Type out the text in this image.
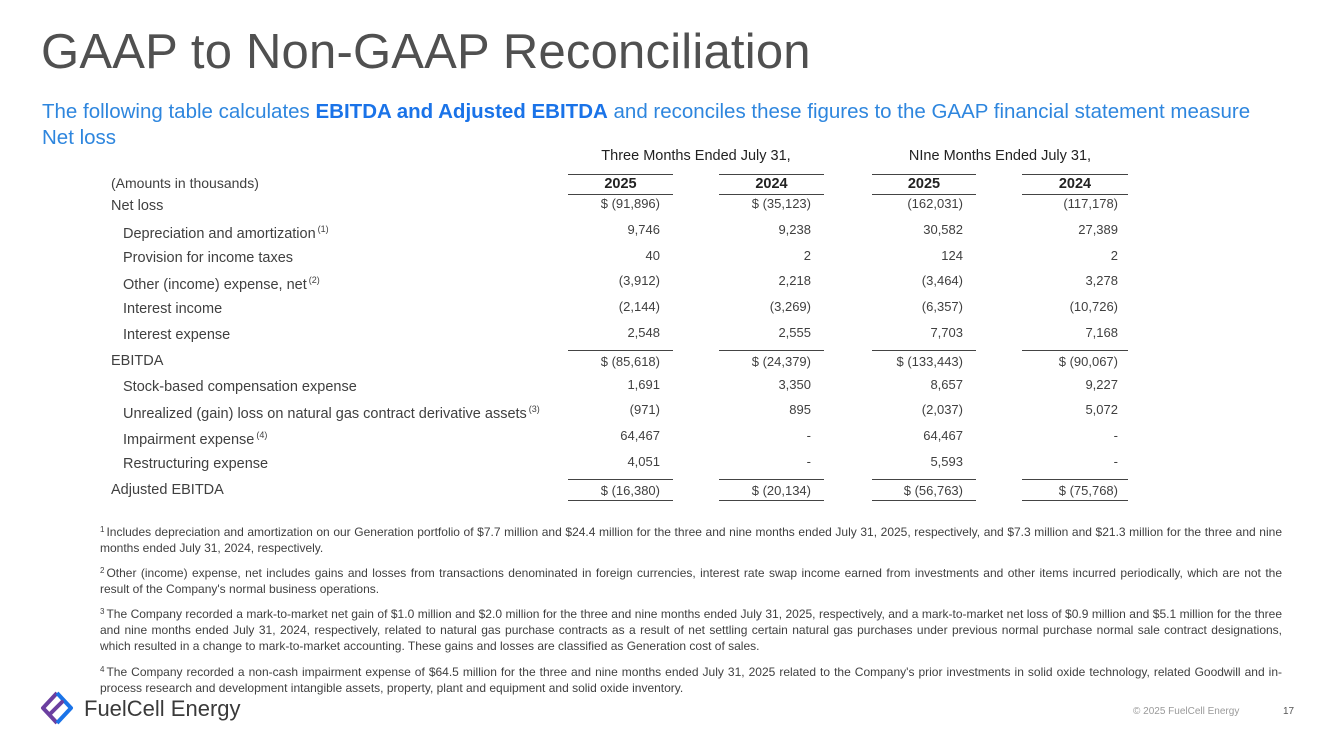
GAAP to Non-GAAP Reconciliation
The following table calculates EBITDA and Adjusted EBITDA and reconciles these figures to the GAAP financial statement measure Net loss
Three Months Ended July 31,	NIne Months Ended July 31,
(Amounts in thousands)	2025	2024	2025	2024
Net loss	$ (91,896)	$ (35,123)	(162,031)	(117,178)
Depreciation and amortization $^{(1)}$	9,746	9,238	30,582	27,389
Provision for income taxes	40	2	124	2
Other (income) expense, net $^{(2)}$	(3,912)	2,218	(3,464)	3,278
Interest income	(2,144)	(3,269)	(6,357)	(10,726)
Interest expense	2,548	2,555	7,703	7,168
EBITDA	$ (85,618)	$ (24,379)	$ (133,443)	$ (90,067)
Stock-based compensation expense	1,691	3,350	8,657	9,227
Unrealized (gain) loss on natural gas contract derivative assets $^{(3)}$	(971)	895	(2,037)	5,072
Impairment expense $^{(4)}$	64,467	-	64,467	-
Restructuring expense	4,051	-	5,593	-
Adjusted EBITDA	$ (16,380)	$ (20,134)	$ (56,763)	$ (75,768)
$^1$ Includes depreciation and amortization on our Generation portfolio of $7.7 million and $24.4 million for the three and nine months ended July 31, 2025, respectively, and $7.3 million and $21.3 million for the three and nine months ended July 31, 2024, respectively.
$^2$ Other (income) expense, net includes gains and losses from transactions denominated in foreign currencies, interest rate swap income earned from investments and other items incurred periodically, which are not the result of the Company's normal business operations.
$^3$ The Company recorded a mark-to-market net gain of $1.0 million and $2.0 million for the three and nine months ended July 31, 2025, respectively, and a mark-to-market net loss of $0.9 million and $5.1 million for the three and nine months ended July 31, 2024, respectively, related to natural gas purchase contracts as a result of net settling certain natural gas purchases under previous normal purchase normal sale contract designations, which resulted in a change to mark-to-market accounting. These gains and losses are classified as Generation cost of sales.
$^4$ The Company recorded a non-cash impairment expense of $64.5 million for the three and nine months ended July 31, 2025 related to the Company's prior investments in solid oxide technology, related Goodwill and in-process research and development intangible assets, property, plant and equipment and solid oxide inventory.
FuelCell Energy	© 2025 FuelCell Energy	17
